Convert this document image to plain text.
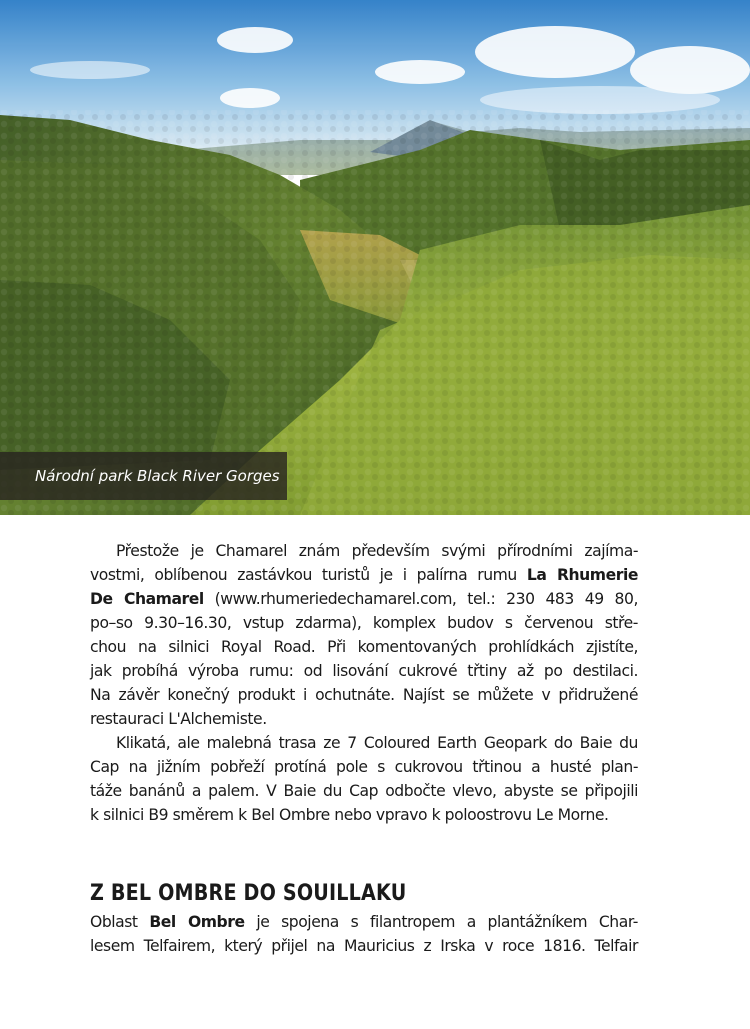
Národní park Black River Gorges
Přestože je Chamarel znám především svými přírodními zajíma-
vostmi, oblíbenou zastávkou turistů je i palírna rumu La Rhumerie
De Chamarel (www.rhumeriedechamarel.com, tel.: 230 483 49 80,
po–so 9.30–16.30, vstup zdarma), komplex budov s červenou stře-
chou na silnici Royal Road. Při komentovaných prohlídkách zjistíte,
jak probíhá výroba rumu: od lisování cukrové třtiny až po destilaci.
Na závěr konečný produkt i ochutnáte. Najíst se můžete v přidružené
restauraci L'Alchemiste.
Klikatá, ale malebná trasa ze 7 Coloured Earth Geopark do Baie du
Cap na jižním pobřeží protíná pole s cukrovou třtinou a husté plan-
táže banánů a palem. V Baie du Cap odbočte vlevo, abyste se připojili
k silnici B9 směrem k Bel Ombre nebo vpravo k poloostrovu Le Morne.
Z BEL OMBRE DO SOUILLAKU
Oblast Bel Ombre je spojena s filantropem a plantážníkem Char-
lesem Telfairem, který přijel na Mauricius z Irska v roce 1816. Telfair
